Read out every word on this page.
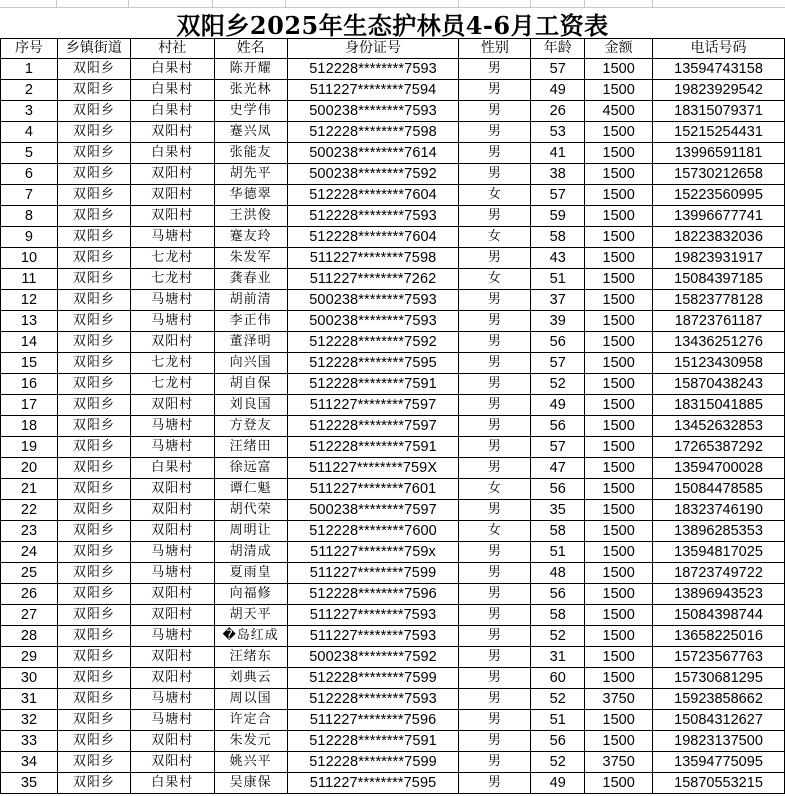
双阳乡2025年生态护林员4-6月工资表
序号	乡镇街道	村社	姓名	身份证号	性别	年龄	金额	电话号码
1	双阳乡	白果村	陈开耀	512228********7593	男	57	1500	13594743158
2	双阳乡	白果村	张光林	511227********7594	男	49	1500	19823929542
3	双阳乡	白果村	史学伟	500238********7593	男	26	4500	18315079371
4	双阳乡	双阳村	蹇兴凤	512228********7598	男	53	1500	15215254431
5	双阳乡	白果村	张能友	500238********7614	男	41	1500	13996591181
6	双阳乡	双阳村	胡先平	500238********7592	男	38	1500	15730212658
7	双阳乡	双阳村	华德翠	512228********7604	女	57	1500	15223560995
8	双阳乡	双阳村	王洪俊	512228********7593	男	59	1500	13996677741
9	双阳乡	马塘村	蹇友玲	512228********7604	女	58	1500	18223832036
10	双阳乡	七龙村	朱发军	511227********7598	男	43	1500	19823931917
11	双阳乡	七龙村	龚春业	511227********7262	女	51	1500	15084397185
12	双阳乡	马塘村	胡前清	500238********7593	男	37	1500	15823778128
13	双阳乡	马塘村	李正伟	500238********7593	男	39	1500	18723761187
14	双阳乡	双阳村	董泽明	512228********7592	男	56	1500	13436251276
15	双阳乡	七龙村	向兴国	512228********7595	男	57	1500	15123430958
16	双阳乡	七龙村	胡自保	512228********7591	男	52	1500	15870438243
17	双阳乡	双阳村	刘良国	511227********7597	男	49	1500	18315041885
18	双阳乡	马塘村	方登友	512228********7597	男	56	1500	13452632853
19	双阳乡	马塘村	汪绪田	512228********7591	男	57	1500	17265387292
20	双阳乡	白果村	徐远富	511227********759X	男	47	1500	13594700028
21	双阳乡	双阳村	谭仁魁	511227********7601	女	56	1500	15084478585
22	双阳乡	双阳村	胡代荣	500238********7597	男	35	1500	18323746190
23	双阳乡	双阳村	周明让	512228********7600	女	58	1500	13896285353
24	双阳乡	马塘村	胡清成	511227********759x	男	51	1500	13594817025
25	双阳乡	马塘村	夏雨皇	511227********7599	男	48	1500	18723749722
26	双阳乡	双阳村	向福修	512228********7596	男	56	1500	13896943523
27	双阳乡	双阳村	胡天平	511227********7593	男	58	1500	15084398744
28	双阳乡	马塘村	�岛红成	511227********7593	男	52	1500	13658225016
29	双阳乡	双阳村	汪绪东	500238********7592	男	31	1500	15723567763
30	双阳乡	双阳村	刘典云	512228********7599	男	60	1500	15730681295
31	双阳乡	马塘村	周以国	512228********7593	男	52	3750	15923858662
32	双阳乡	马塘村	许定合	511227********7596	男	51	1500	15084312627
33	双阳乡	双阳村	朱发元	512228********7591	男	56	1500	19823137500
34	双阳乡	双阳村	姚兴平	512228********7599	男	52	3750	13594775095
35	双阳乡	白果村	吴康保	511227********7595	男	49	1500	15870553215
